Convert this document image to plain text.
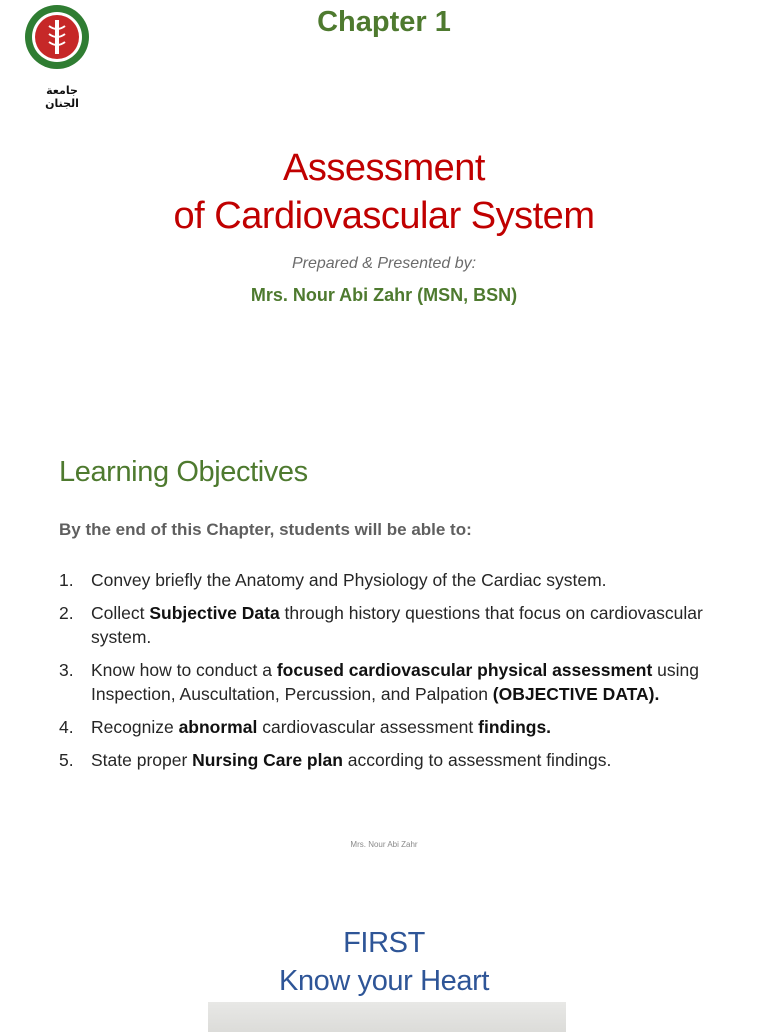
جامعة الجنان
Chapter 1
Assessment
of Cardiovascular System
Prepared & Presented by:
Mrs. Nour Abi Zahr (MSN, BSN)
Learning Objectives
By the end of this Chapter, students will be able to:
1. Convey briefly the Anatomy and Physiology of the Cardiac system.
2. Collect Subjective Data through history questions that focus on cardiovascular system.
3. Know how to conduct a focused cardiovascular physical assessment using Inspection, Auscultation, Percussion, and Palpation (OBJECTIVE DATA).
4. Recognize abnormal cardiovascular assessment findings.
5. State proper Nursing Care plan according to assessment findings.
Mrs. Nour Abi Zahr
FIRST
Know your Heart
